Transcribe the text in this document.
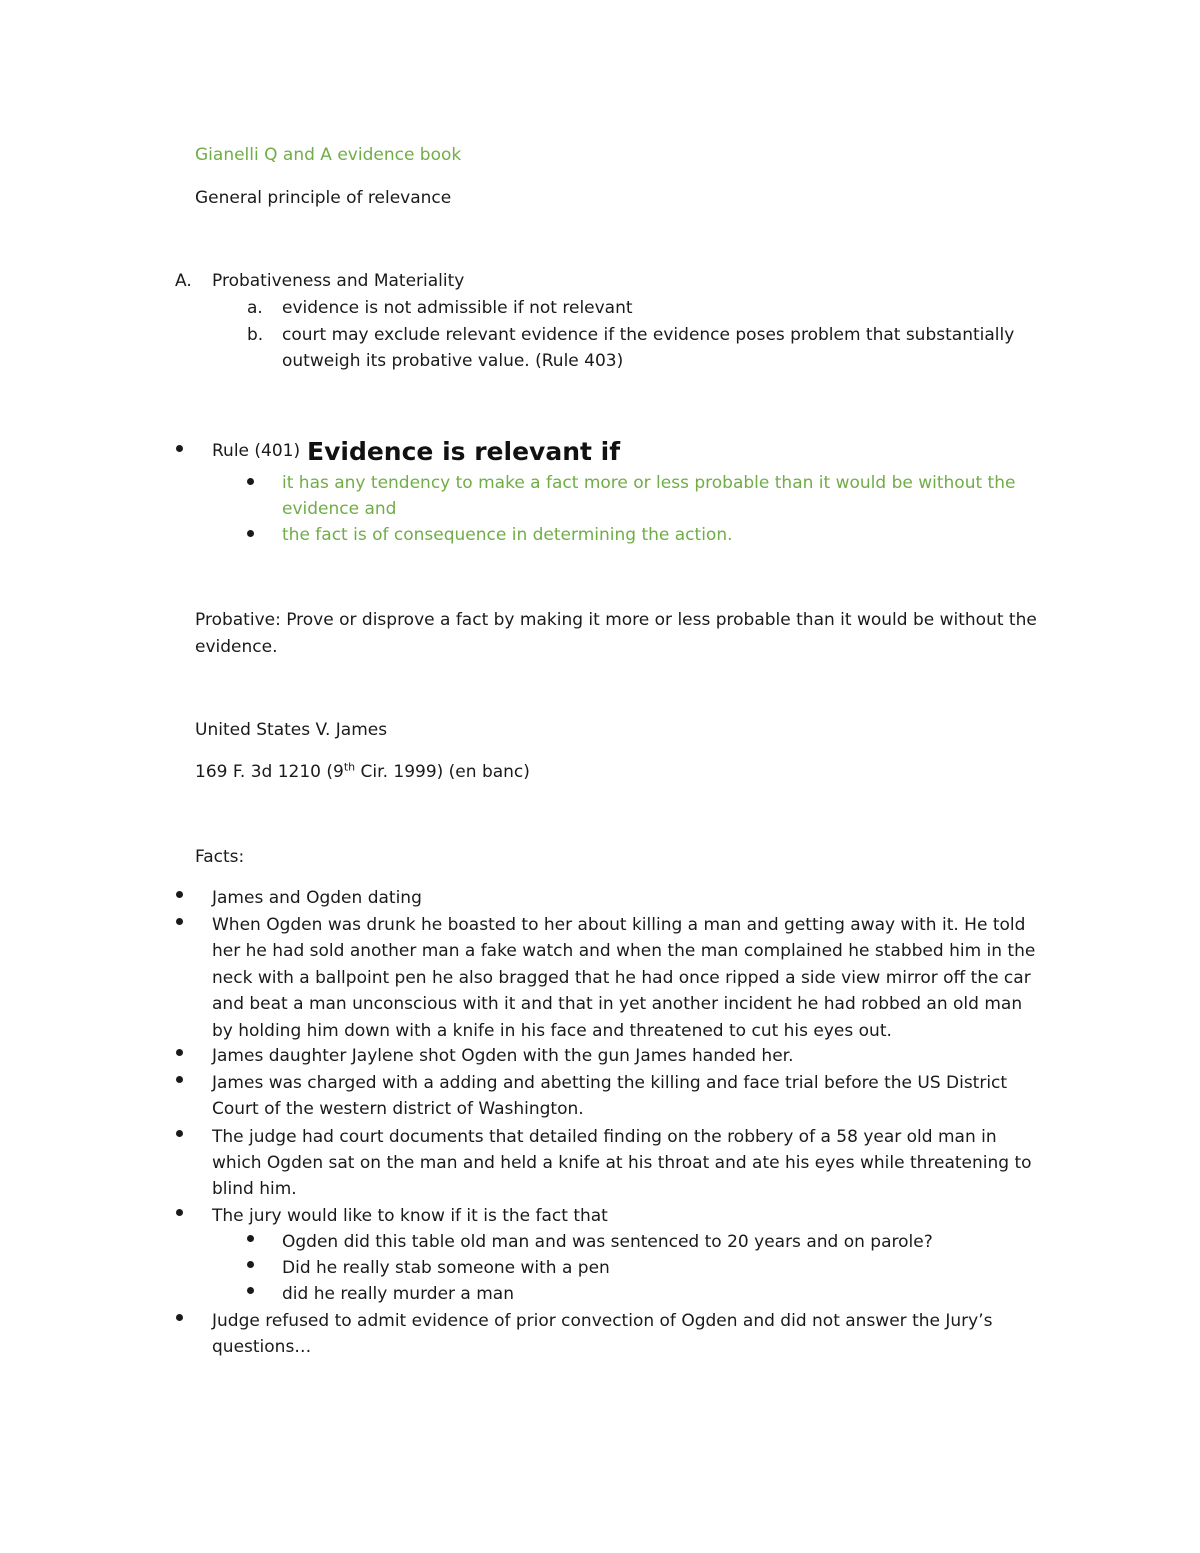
Gianelli Q and A evidence book
General principle of relevance
A. Probativeness and Materiality
a. evidence is not admissible if not relevant
b. court may exclude relevant evidence if the evidence poses problem that substantially
outweigh its probative value. (Rule 403)
Rule (401) Evidence is relevant if
it has any tendency to make a fact more or less probable than it would be without the
evidence and
the fact is of consequence in determining the action.
Probative: Prove or disprove a fact by making it more or less probable than it would be without the
evidence.
United States V. James
169 F. 3d 1210 (9th Cir. 1999) (en banc)
Facts:
James and Ogden dating
When Ogden was drunk he boasted to her about killing a man and getting away with it. He told
her he had sold another man a fake watch and when the man complained he stabbed him in the
neck with a ballpoint pen he also bragged that he had once ripped a side view mirror off the car
and beat a man unconscious with it and that in yet another incident he had robbed an old man
by holding him down with a knife in his face and threatened to cut his eyes out.
James daughter Jaylene shot Ogden with the gun James handed her.
James was charged with a adding and abetting the killing and face trial before the US District
Court of the western district of Washington.
The judge had court documents that detailed finding on the robbery of a 58 year old man in
which Ogden sat on the man and held a knife at his throat and ate his eyes while threatening to
blind him.
The jury would like to know if it is the fact that
Ogden did this table old man and was sentenced to 20 years and on parole?
Did he really stab someone with a pen
did he really murder a man
Judge refused to admit evidence of prior convection of Ogden and did not answer the Jury’s
questions…
